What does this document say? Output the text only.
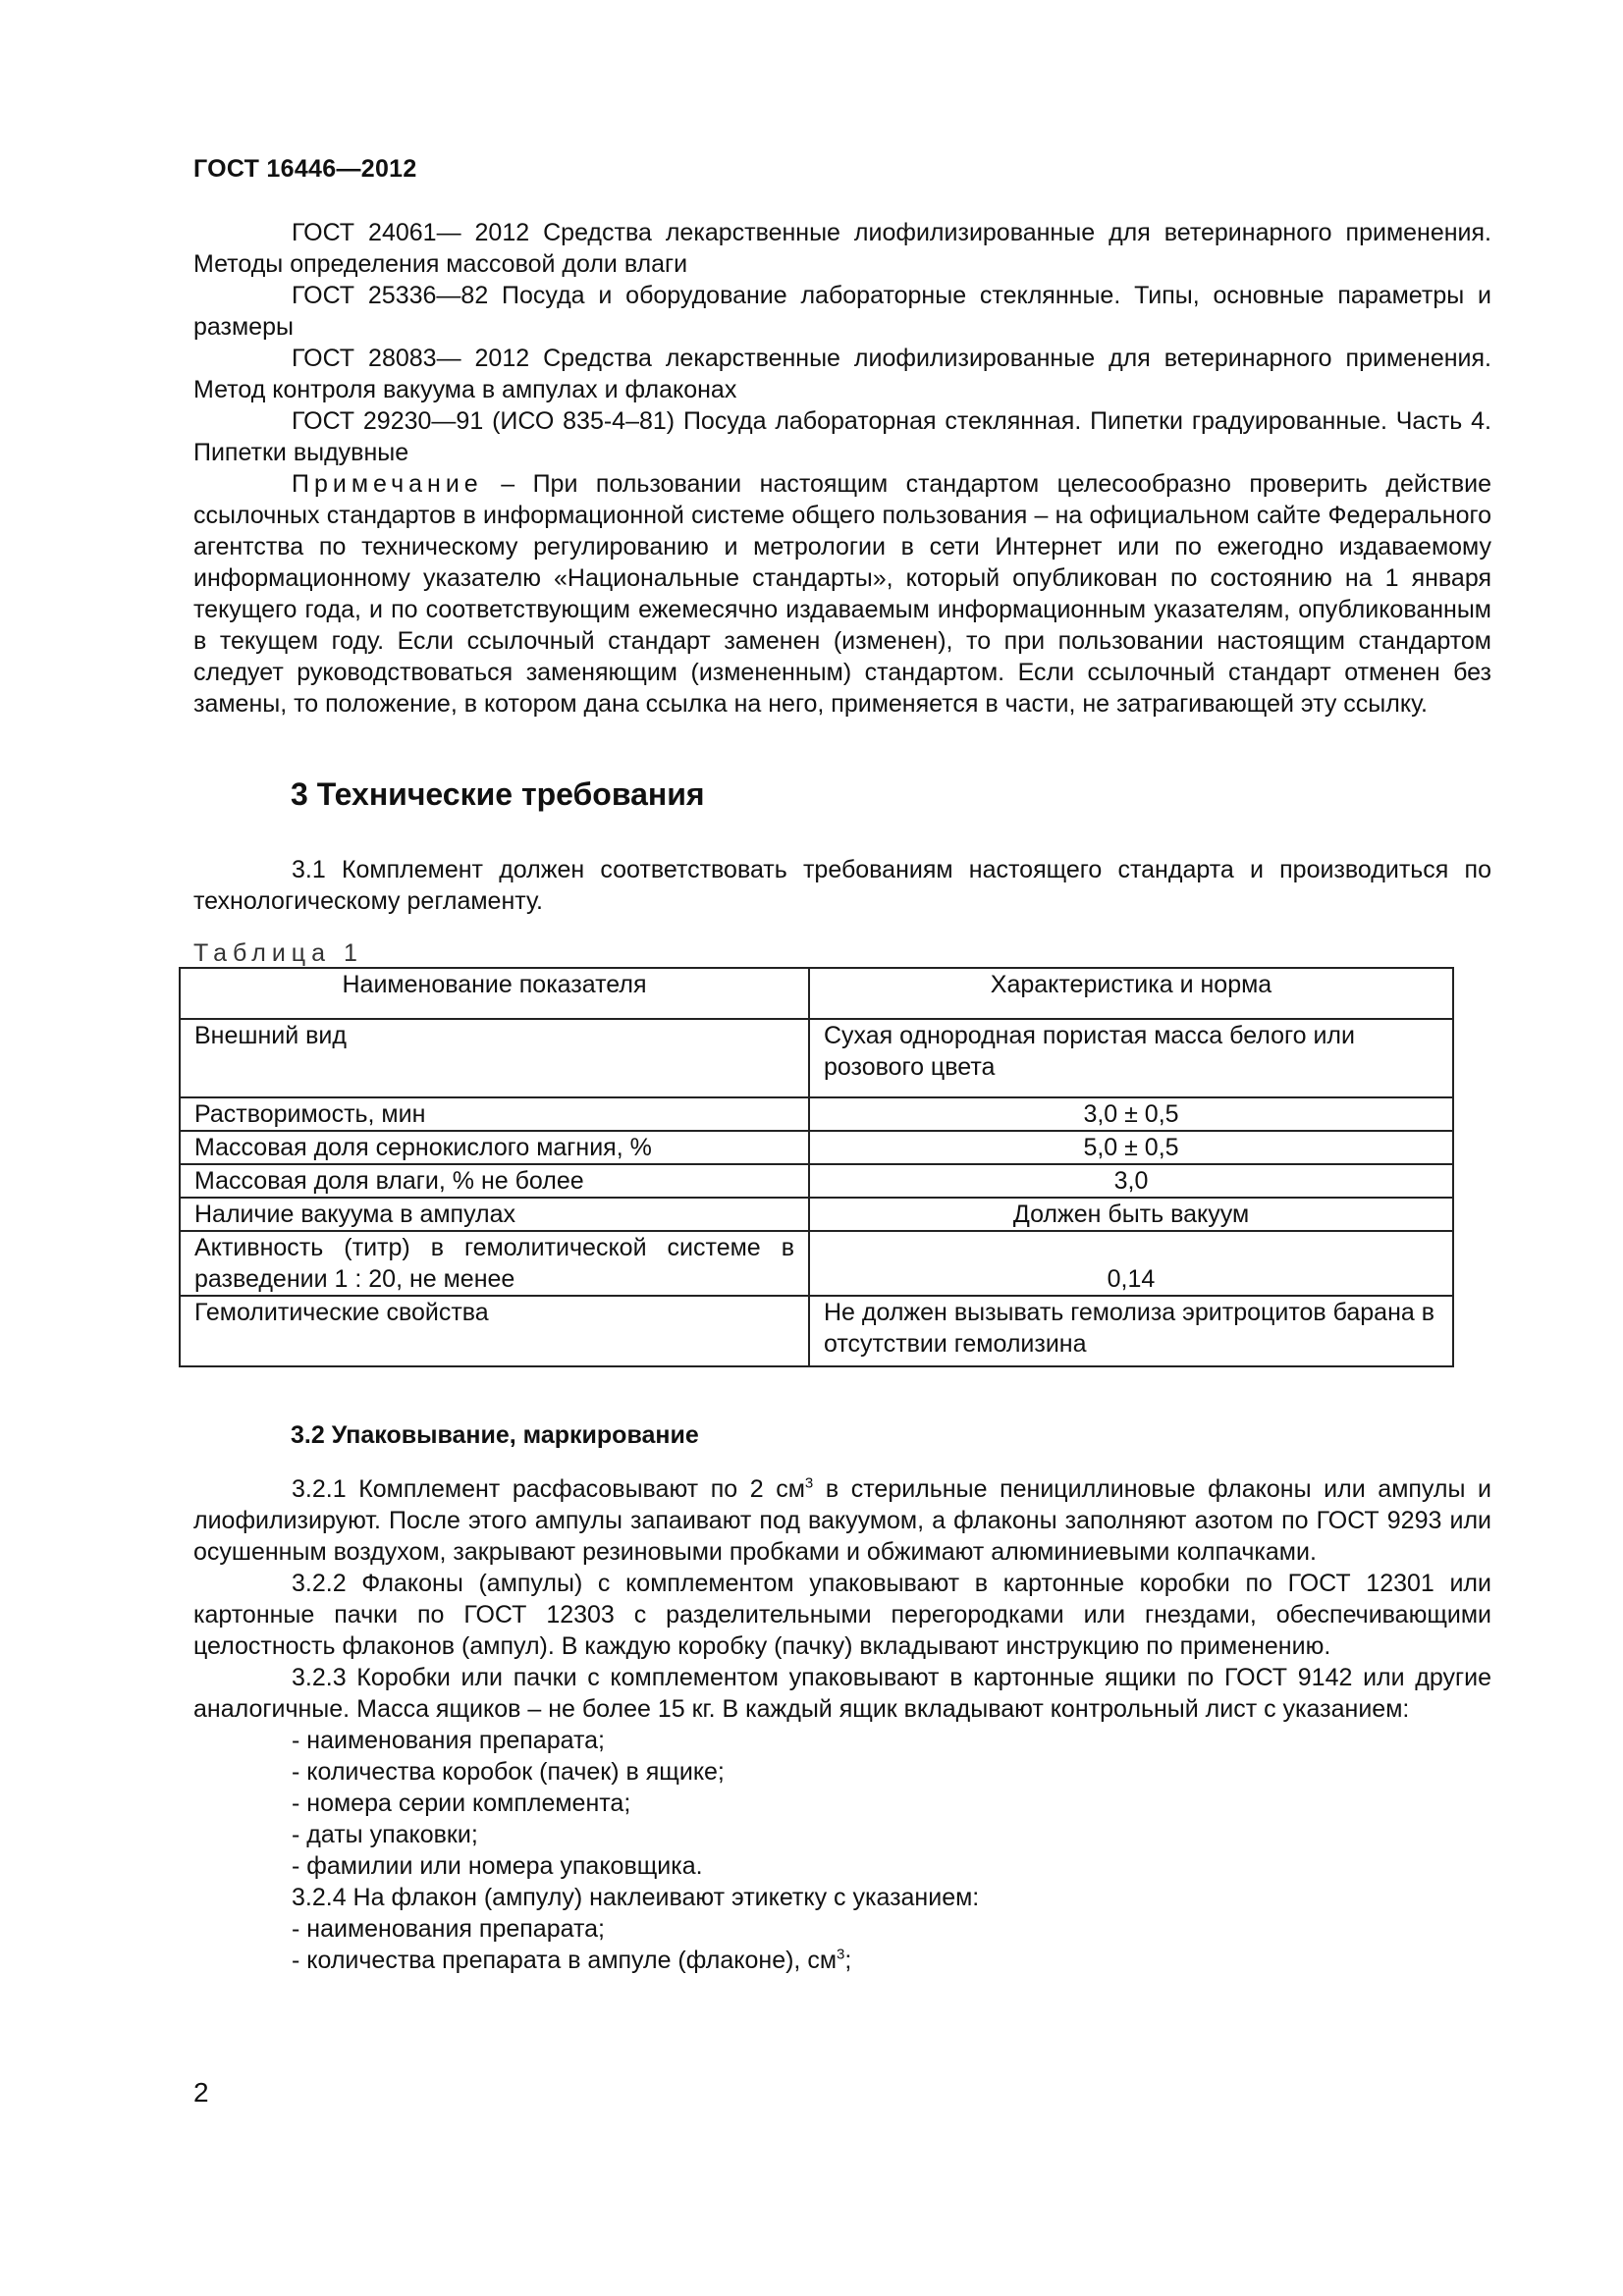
ГОСТ 16446—2012

ГОСТ 24061— 2012 Средства лекарственные лиофилизированные для ветеринарного применения. Методы определения массовой доли влаги

ГОСТ 25336—82 Посуда и оборудование лабораторные стеклянные. Типы, основные параметры и размеры

ГОСТ 28083— 2012 Средства лекарственные лиофилизированные для ветеринарного применения. Метод контроля вакуума в ампулах и флаконах

ГОСТ 29230—91 (ИСО 835-4–81) Посуда лабораторная стеклянная. Пипетки градуированные. Часть 4. Пипетки выдувные

Примечание – При пользовании настоящим стандартом целесообразно проверить действие ссылочных стандартов в информационной системе общего пользования – на официальном сайте Федерального агентства по техническому регулированию и метрологии в сети Интернет или по ежегодно издаваемому информационному указателю «Национальные стандарты», который опубликован по состоянию на 1 января текущего года, и по соответствующим ежемесячно издаваемым информационным указателям, опубликованным в текущем году. Если ссылочный стандарт заменен (изменен), то при пользовании настоящим стандартом следует руководствоваться заменяющим (измененным) стандартом. Если ссылочный стандарт отменен без замены, то положение, в котором дана ссылка на него, применяется в части, не затрагивающей эту ссылку.

3 Технические требования

3.1 Комплемент должен соответствовать требованиям настоящего стандарта и производиться по технологическому регламенту.

Таблица 1
Наименование показателя	Характеристика и норма
Внешний вид	Сухая однородная пористая масса белого или розового цвета
Растворимость, мин	3,0 ± 0,5
Массовая доля сернокислого магния, %	5,0 ± 0,5
Массовая доля влаги, % не более	3,0
Наличие вакуума в ампулах	Должен быть вакуум
Активность (титр) в гемолитической системе в разведении 1 : 20, не менее	0,14
Гемолитические свойства	Не должен вызывать гемолиза эритроцитов барана в отсутствии гемолизина
3.2 Упаковывание, маркирование

3.2.1 Комплемент расфасовывают по 2 $см^3$ в стерильные пенициллиновые флаконы или ампулы и лиофилизируют. После этого ампулы запаивают под вакуумом, а флаконы заполняют азотом по ГОСТ 9293 или осушенным воздухом, закрывают резиновыми пробками и обжимают алюминиевыми колпачками.

3.2.2 Флаконы (ампулы) с комплементом упаковывают в картонные коробки по ГОСТ 12301 или картонные пачки по ГОСТ 12303 с разделительными перегородками или гнездами, обеспечивающими целостность флаконов (ампул). В каждую коробку (пачку) вкладывают инструкцию по применению.

3.2.3 Коробки или пачки с комплементом упаковывают в картонные ящики по ГОСТ 9142 или другие аналогичные. Масса ящиков – не более 15 кг. В каждый ящик вкладывают контрольный лист с указанием:

- наименования препарата;
- количества коробок (пачек) в ящике;
- номера серии комплемента;
- даты упаковки;
- фамилии или номера упаковщика.

3.2.4 На флакон (ампулу) наклеивают этикетку с указанием:

- наименования препарата;
- количества препарата в ампуле (флаконе), $см^3$;
2
